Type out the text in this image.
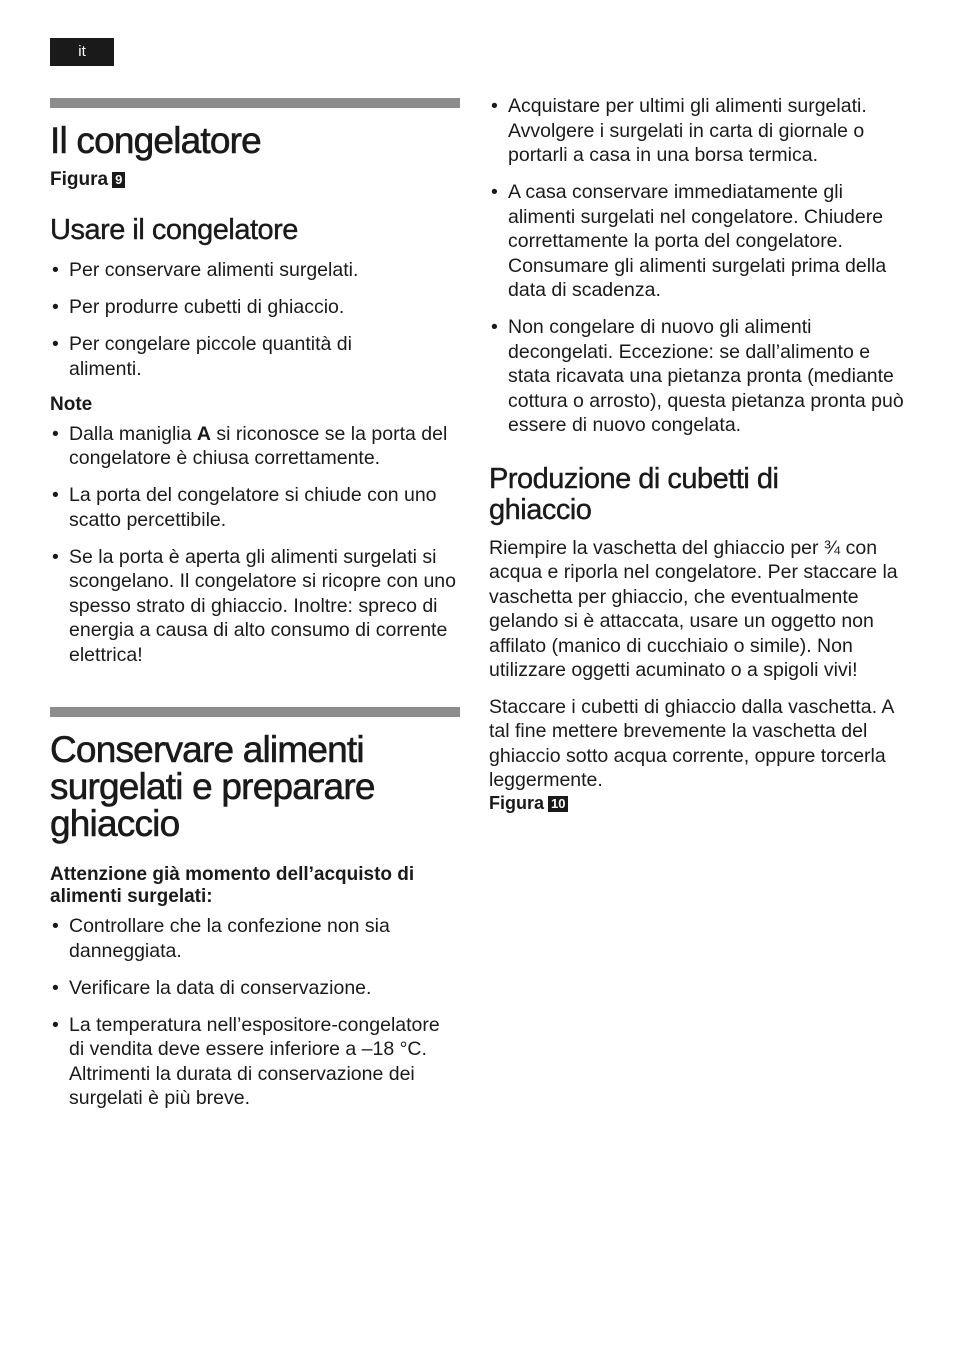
it
Il congelatore
Figura 9
Usare il congelatore
• Per conservare alimenti surgelati.
• Per produrre cubetti di ghiaccio.
• Per congelare piccole quantità di alimenti.
Note
• Dalla maniglia A si riconosce se la porta del congelatore è chiusa correttamente.
• La porta del congelatore si chiude con uno scatto percettibile.
• Se la porta è aperta gli alimenti surgelati si scongelano. Il congelatore si ricopre con uno spesso strato di ghiaccio. Inoltre: spreco di energia a causa di alto consumo di corrente elettrica!
Conservare alimenti surgelati e preparare ghiaccio
Attenzione già momento dell’acquisto di alimenti surgelati:
• Controllare che la confezione non sia danneggiata.
• Verificare la data di conservazione.
• La temperatura nell’espositore-congelatore di vendita deve essere inferiore a –18 °C. Altrimenti la durata di conservazione dei surgelati è più breve.
• Acquistare per ultimi gli alimenti surgelati. Avvolgere i surgelati in carta di giornale o portarli a casa in una borsa termica.
• A casa conservare immediatamente gli alimenti surgelati nel congelatore. Chiudere correttamente la porta del congelatore. Consumare gli alimenti surgelati prima della data di scadenza.
• Non congelare di nuovo gli alimenti decongelati. Eccezione: se dall’alimento e stata ricavata una pietanza pronta (mediante cottura o arrosto), questa pietanza pronta può essere di nuovo congelata.
Produzione di cubetti di ghiaccio

Riempire la vaschetta del ghiaccio per ¾ con acqua e riporla nel congelatore. Per staccare la vaschetta per ghiaccio, che eventualmente gelando si è attaccata, usare un oggetto non affilato (manico di cucchiaio o simile). Non utilizzare oggetti acuminato o a spigoli vivi!

Staccare i cubetti di ghiaccio dalla vaschetta. A tal fine mettere brevemente la vaschetta del ghiaccio sotto acqua corrente, oppure torcerla leggermente.

Figura 10
